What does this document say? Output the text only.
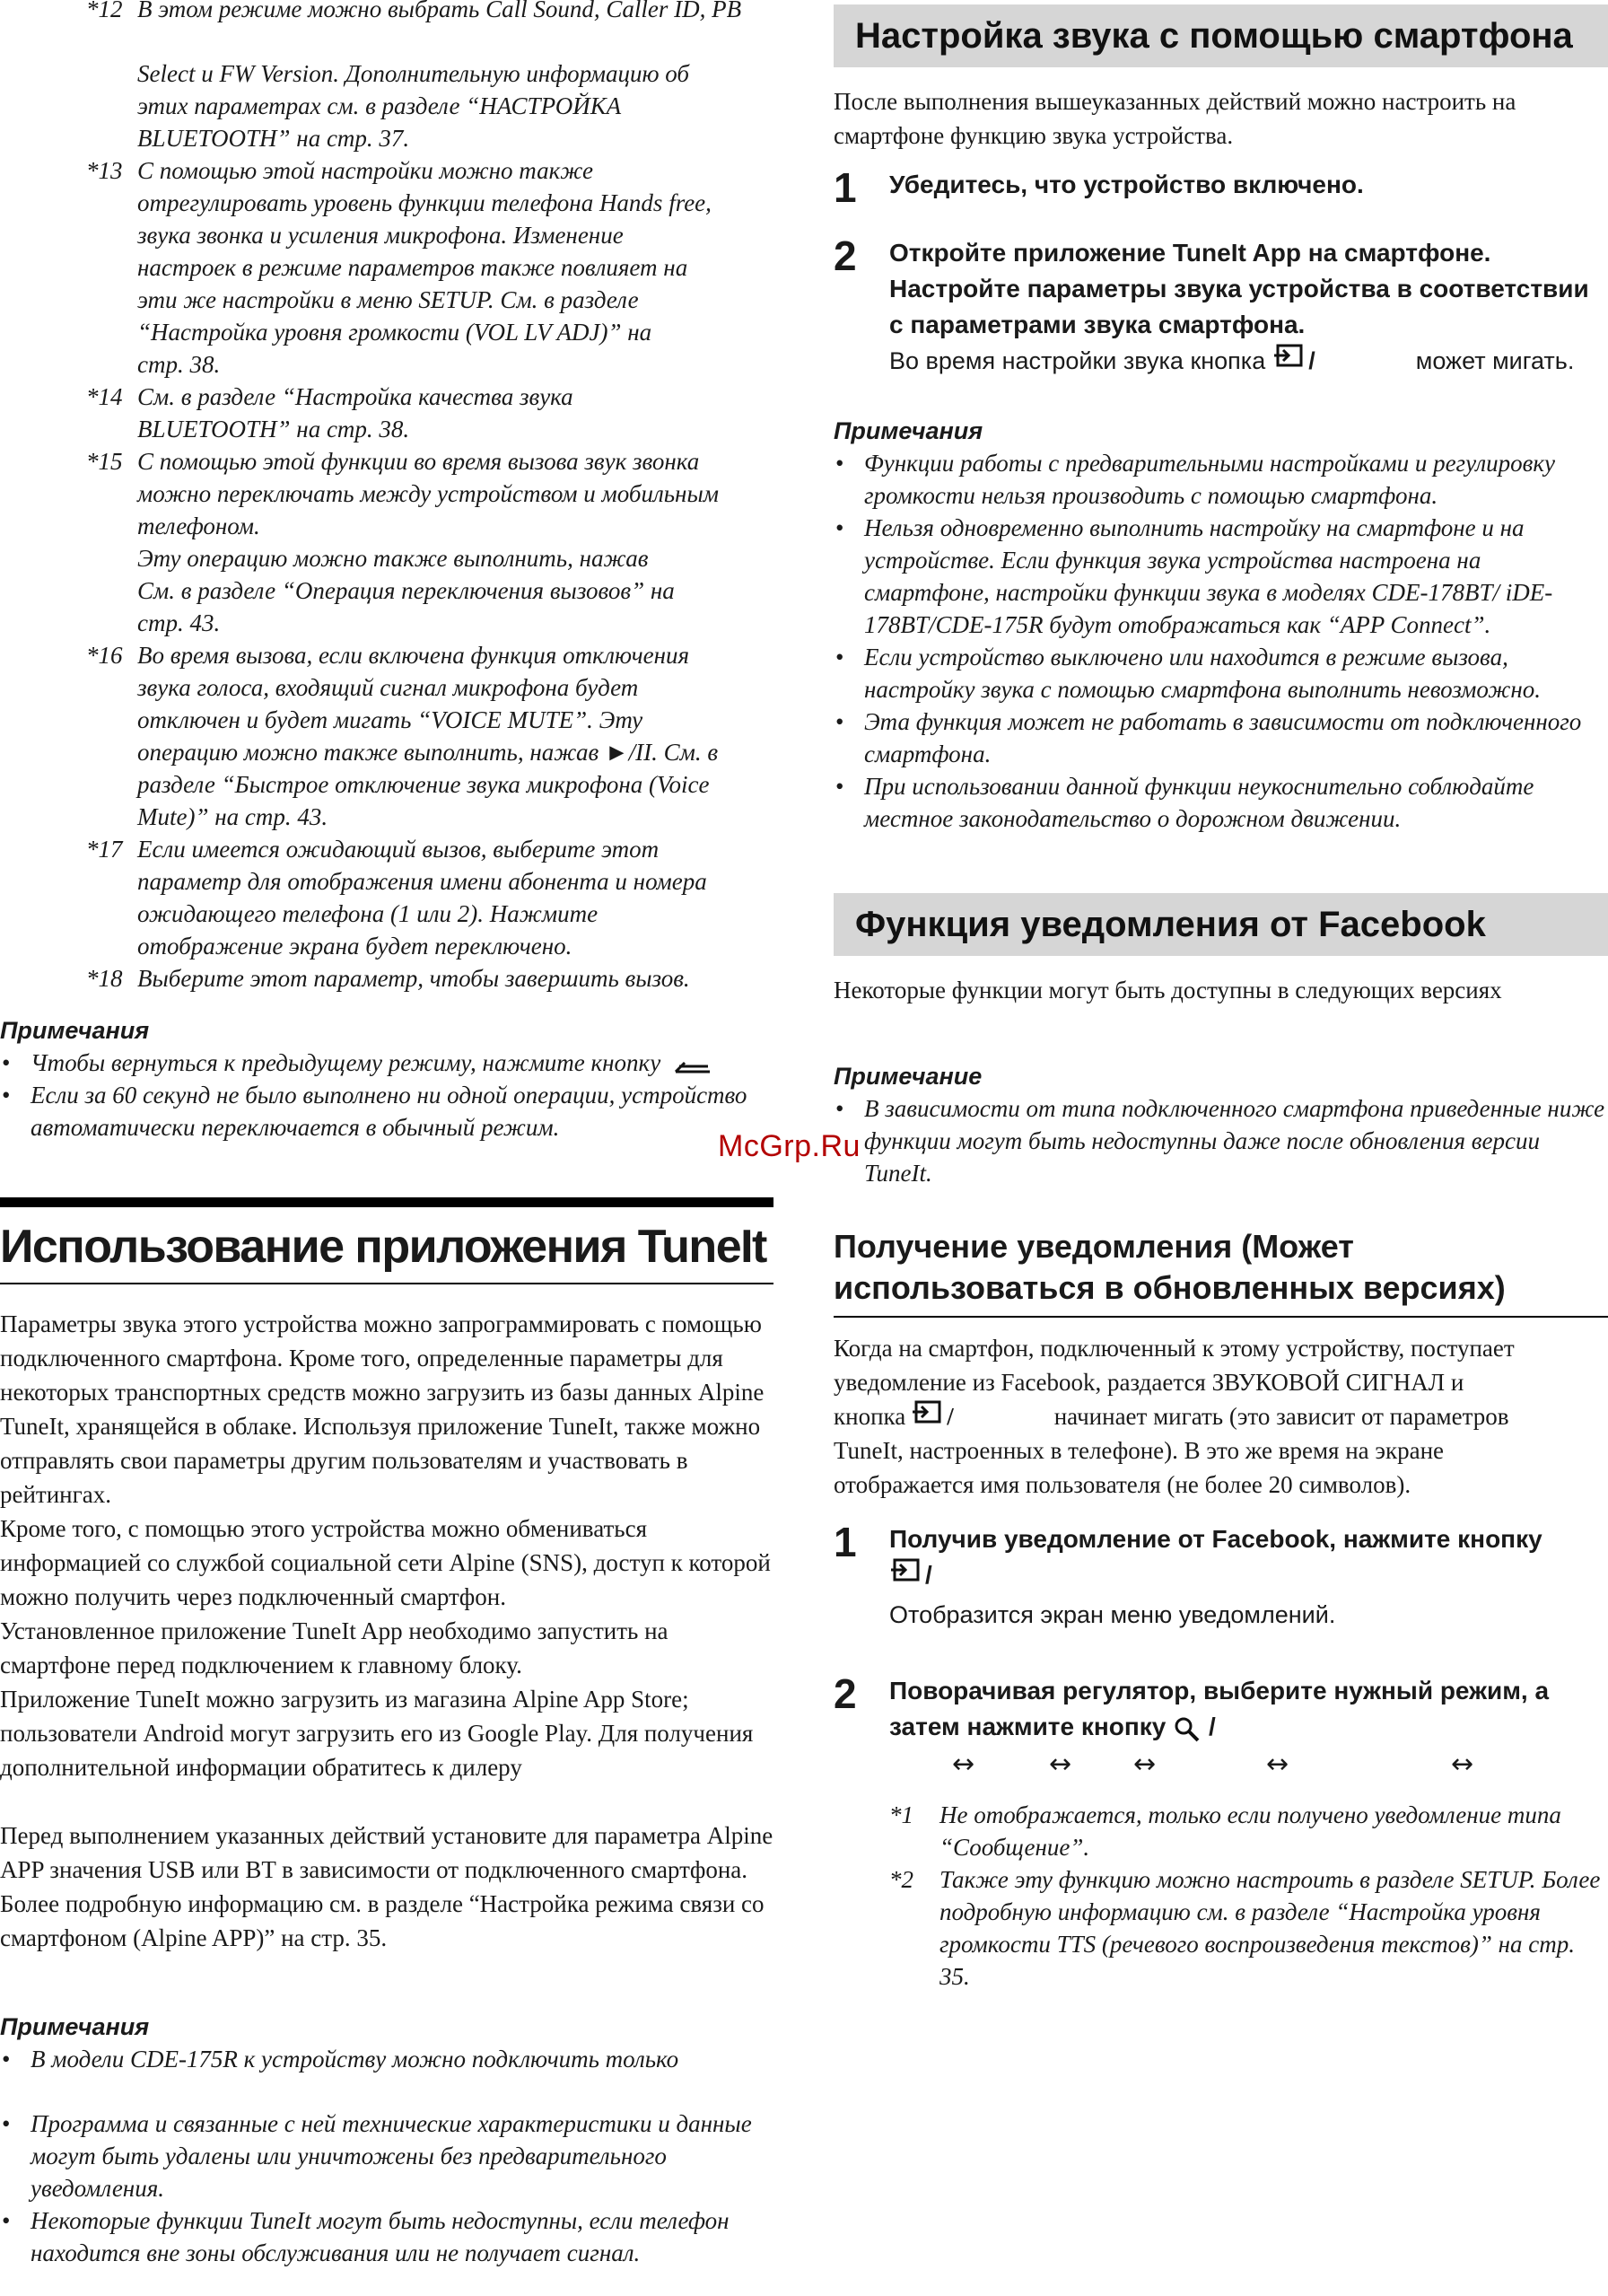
*12 В этом режиме можно выбрать Call Sound, Caller ID, PB
Select и FW Version. Дополнительную информацию об
этих параметрах см. в разделе “НАСТРОЙКА
BLUETOOTH” на стр. 37.
*13 С помощью этой настройки можно также
отрегулировать уровень функции телефона Hands free,
звука звонка и усиления микрофона. Изменение
настроек в режиме параметров также повлияет на
эти же настройки в меню SETUP. См. в разделе
“Настройка уровня громкости (VOL LV ADJ)” на
стр. 38.
*14 См. в разделе “Настройка качества звука
BLUETOOTH” на стр. 38.
*15 С помощью этой функции во время вызова звук звонка
можно переключать между устройством и мобильным
телефоном.
Эту операцию можно также выполнить, нажав
См. в разделе “Операция переключения вызовов” на
стр. 43.
*16 Во время вызова, если включена функция отключения
звука голоса, входящий сигнал микрофона будет
отключен и будет мигать “VOICE MUTE”. Эту
операцию можно также выполнить, нажав ►/II. См. в
разделе “Быстрое отключение звука микрофона (Voice
Mute)” на стр. 43.
*17 Если имеется ожидающий вызов, выберите этот
параметр для отображения имени абонента и номера
ожидающего телефона (1 или 2). Нажмите
отображение экрана будет переключено.
*18 Выберите этот параметр, чтобы завершить вызов.
Примечания
• Чтобы вернуться к предыдущему режиму, нажмите кнопку
• Если за 60 секунд не было выполнено ни одной операции, устройство автоматически переключается в обычный режим.
Использование приложения TuneIt
Параметры звука этого устройства можно запрограммировать с помощью подключенного смартфона. Кроме того, определенные параметры для некоторых транспортных средств можно загрузить из базы данных Alpine TuneIt, хранящейся в облаке. Используя приложение TuneIt, также можно отправлять свои параметры другим пользователям и участвовать в рейтингах.
Кроме того, с помощью этого устройства можно обмениваться информацией со службой социальной сети Alpine (SNS), доступ к которой можно получить через подключенный смартфон.
Установленное приложение TuneIt App необходимо запустить на смартфоне перед подключением к главному блоку.
Приложение TuneIt можно загрузить из магазина Alpine App Store; пользователи Android могут загрузить его из Google Play. Для получения дополнительной информации обратитесь к дилеру
Перед выполнением указанных действий установите для параметра Alpine APP значения USB или BT в зависимости от подключенного смартфона. Более подробную информацию см. в разделе “Настройка режима связи со смартфоном (Alpine APP)” на стр. 35.
Примечания
• В модели CDE-175R к устройству можно подключить только
• Программа и связанные с ней технические характеристики и данные могут быть удалены или уничтожены без предварительного уведомления.
• Некоторые функции TuneIt могут быть недоступны, если телефон находится вне зоны обслуживания или не получает сигнал.
Настройка звука с помощью смартфона
После выполнения вышеуказанных действий можно настроить на смартфоне функцию звука устройства.
1	Убедитесь, что устройство включено.
2	Откройте приложение TuneIt App на смартфоне. Настройте параметры звука устройства в соответствии с параметрами звука смартфона.
Во время настройки звука кнопка /	может мигать.
Примечания
• Функции работы с предварительными настройками и регулировку громкости нельзя производить с помощью смартфона.
• Нельзя одновременно выполнить настройку на смартфоне и на устройстве. Если функция звука устройства настроена на смартфоне, настройки функции звука в моделях CDE-178BT/ iDE-178BT/CDE-175R будут отображаться как “APP Connect”.
• Если устройство выключено или находится в режиме вызова, настройку звука с помощью смартфона выполнить невозможно.
• Эта функция может не работать в зависимости от подключенного смартфона.
• При использовании данной функции неукоснительно соблюдайте местное законодательство о дорожном движении.
Функция уведомления от Facebook
Некоторые функции могут быть доступны в следующих версиях
Примечание
• В зависимости от типа подключенного смартфона приведенные ниже функции могут быть недоступны даже после обновления версии TuneIt.
Получение уведомления (Может использоваться в обновленных версиях)
Когда на смартфон, подключенный к этому устройству, поступает
уведомление из Facebook, раздается ЗВУКОВОЙ СИГНАЛ и
кнопка /	начинает мигать (это зависит от параметров
TuneIt, настроенных в телефоне). В это же время на экране
отображается имя пользователя (не более 20 символов).
1	Получив уведомление от Facebook, нажмите кнопку
/
Отобразится экран меню уведомлений.
2	Поворачивая регулятор, выберите нужный режим, а затем нажмите кнопку /
↔	↔ ↔	↔	↔
*1	Не отображается, только если получено уведомление типа “Сообщение”.
*2	Также эту функцию можно настроить в разделе SETUP. Более подробную информацию см. в разделе “Настройка уровня громкости TTS (речевого воспроизведения текстов)” на стр. 35.
McGrp.Ru
